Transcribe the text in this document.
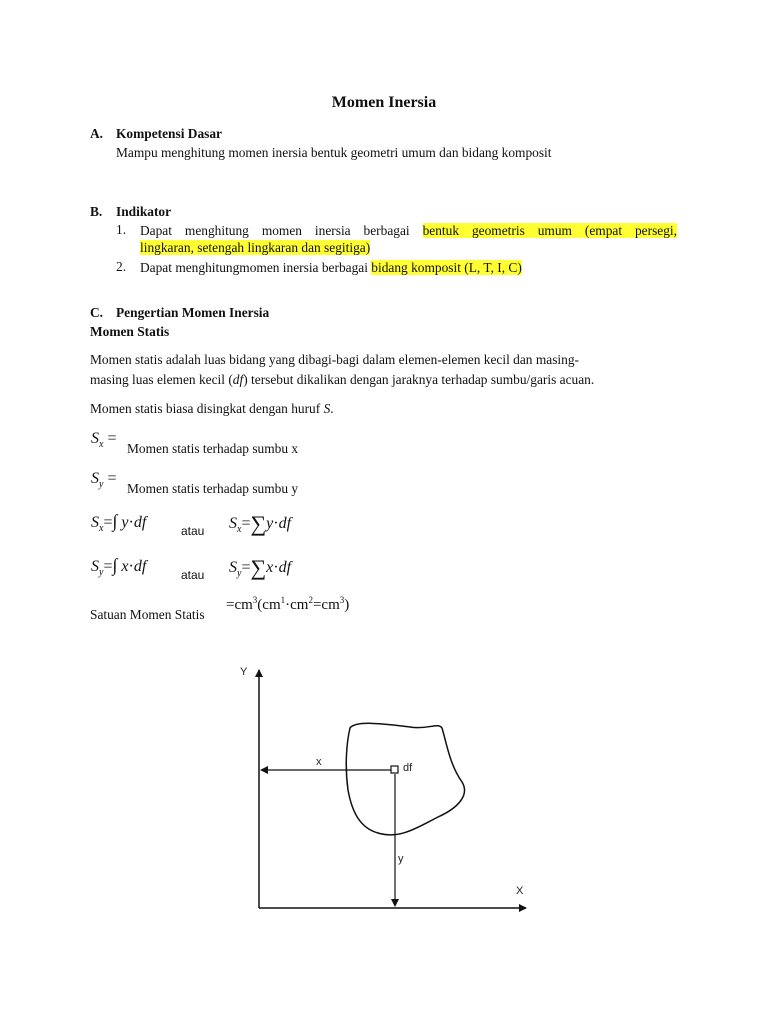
Momen Inersia
A. Kompetensi Dasar
Mampu menghitung momen inersia bentuk geometri umum dan bidang komposit
B. Indikator
1. Dapat menghitung momen inersia berbagai bentuk geometris umum (empat persegi,
lingkaran, setengah lingkaran dan segitiga)
2. Dapat menghitungmomen inersia berbagai bidang komposit (L, T, I, C)
C. Pengertian Momen Inersia
Momen Statis
Momen statis adalah luas bidang yang dibagi-bagi dalam elemen-elemen kecil dan masing-
masing luas elemen kecil (df) tersebut dikalikan dengan jaraknya terhadap sumbu/garis acuan.
Momen statis biasa disingkat dengan huruf S.
$S_x$ =
Momen statis terhadap sumbu x
$S_y$ =
Momen statis terhadap sumbu y
$S_x=\int$ y·df	atau $S_x=\sum y\cdot df$
$S_y=\int$ x·df	atau $S_y=\sum x\cdot df$
Satuan Momen Statis
$=cm^3(cm^1\cdot cm^2=cm^3)$
Y
X
x
y
df
